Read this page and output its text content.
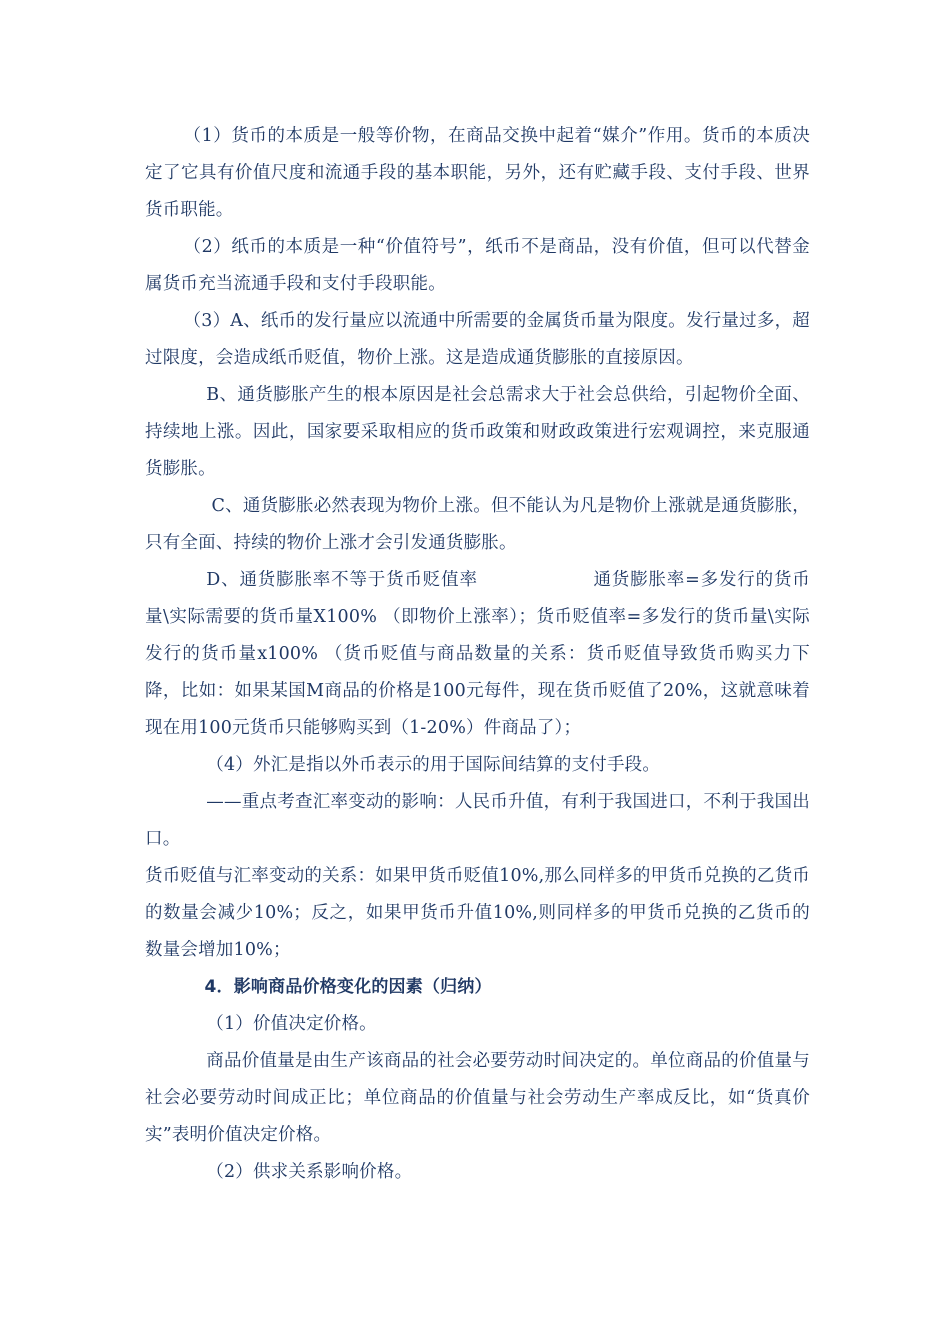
（1）货币的本质是一般等价物，在商品交换中起着“媒介”作用。货币的本质决定了它具有价值尺度和流通手段的基本职能，另外，还有贮藏手段、支付手段、世界货币职能。

（2）纸币的本质是一种“价值符号”，纸币不是商品，没有价值，但可以代替金属货币充当流通手段和支付手段职能。

（3）A、纸币的发行量应以流通中所需要的金属货币量为限度。发行量过多，超过限度，会造成纸币贬值，物价上涨。这是造成通货膨胀的直接原因。

B、通货膨胀产生的根本原因是社会总需求大于社会总供给，引起物价全面、持续地上涨。因此，国家要采取相应的货币政策和财政政策进行宏观调控，来克服通货膨胀。

C、通货膨胀必然表现为物价上涨。但不能认为凡是物价上涨就是通货膨胀，只有全面、持续的物价上涨才会引发通货膨胀。

D、通货膨胀率不等于货币贬值率	通货膨胀率=多发行的货币量\实际需要的货币量X100% （即物价上涨率）；货币贬值率=多发行的货币量\实际发行的货币量x100% （货币贬值与商品数量的关系：货币贬值导致货币购买力下降，比如：如果某国M商品的价格是100元每件，现在货币贬值了20%，这就意味着现在用100元货币只能够购买到（1-20%）件商品了）；

（4）外汇是指以外币表示的用于国际间结算的支付手段。

——重点考查汇率变动的影响：人民币升值，有利于我国进口，不利于我国出口。

货币贬值与汇率变动的关系：如果甲货币贬值10%,那么同样多的甲货币兑换的乙货币的数量会减少10%；反之，如果甲货币升值10%,则同样多的甲货币兑换的乙货币的数量会增加10%；

4．影响商品价格变化的因素（归纳）

（1）价值决定价格。

商品价值量是由生产该商品的社会必要劳动时间决定的。单位商品的价值量与社会必要劳动时间成正比；单位商品的价值量与社会劳动生产率成反比，如“货真价实”表明价值决定价格。

（2）供求关系影响价格。
